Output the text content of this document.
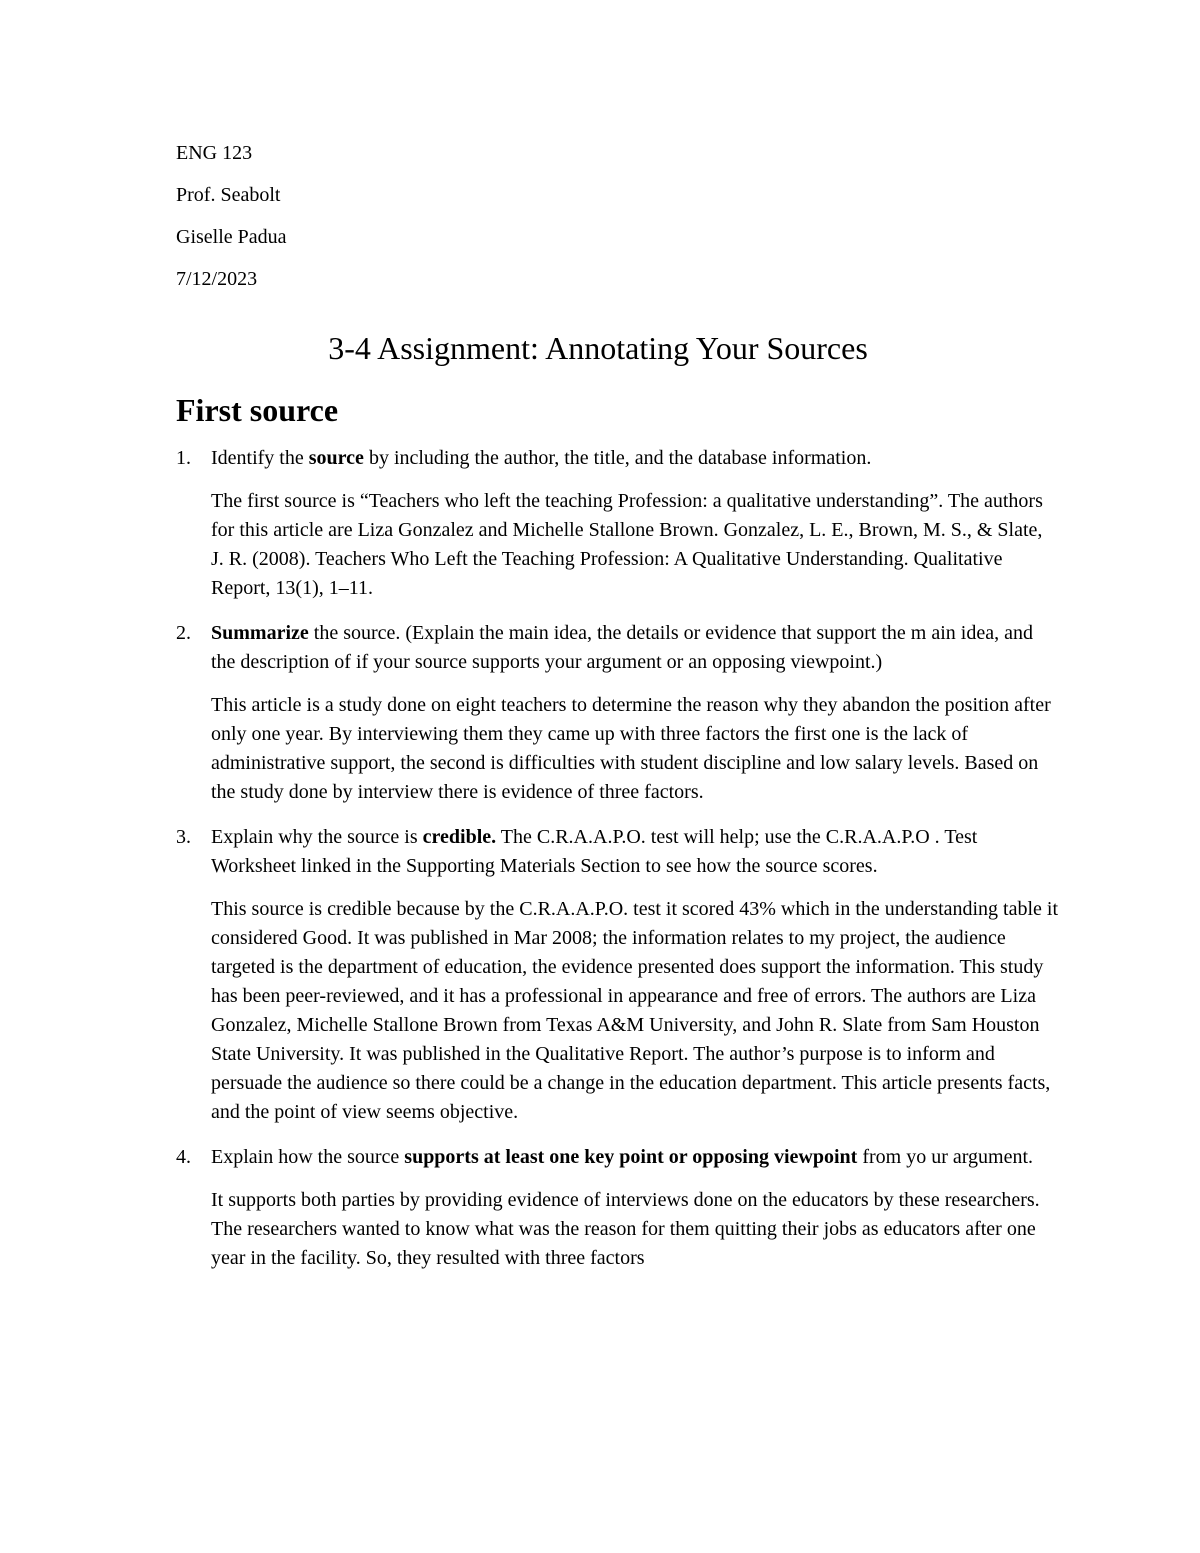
ENG 123
Prof. Seabolt
Giselle Padua
7/12/2023
3-4 Assignment: Annotating Your Sources
First source
1. Identify the source by including the author, the title, and the database information.

The first source is “Teachers who left the teaching Profession: a qualitative understanding”. The authors for this article are Liza Gonzalez and Michelle Stallone Brown. Gonzalez, L. E., Brown, M. S., & Slate, J. R. (2008). Teachers Who Left the Teaching Profession: A Qualitative Understanding. Qualitative Report, 13(1), 1–11.

2. Summarize the source. (Explain the main idea, the details or evidence that support the m ain idea, and the description of if your source supports your argument or an opposing viewpoint.)

This article is a study done on eight teachers to determine the reason why they abandon the position after only one year. By interviewing them they came up with three factors the first one is the lack of administrative support, the second is difficulties with student discipline and low salary levels. Based on the study done by interview there is evidence of three factors.

3. Explain why the source is credible. The C.R.A.A.P.O. test will help; use the C.R.A.A.P.O . Test Worksheet linked in the Supporting Materials Section to see how the source scores.

This source is credible because by the C.R.A.A.P.O. test it scored 43% which in the understanding table it considered Good. It was published in Mar 2008; the information relates to my project, the audience targeted is the department of education, the evidence presented does support the information. This study has been peer-reviewed, and it has a professional in appearance and free of errors. The authors are Liza Gonzalez, Michelle Stallone Brown from Texas A&M University, and John R. Slate from Sam Houston State University. It was published in the Qualitative Report. The author’s purpose is to inform and persuade the audience so there could be a change in the education department. This article presents facts, and the point of view seems objective.

4. Explain how the source supports at least one key point or opposing viewpoint from yo ur argument.

It supports both parties by providing evidence of interviews done on the educators by these researchers. The researchers wanted to know what was the reason for them quitting their jobs as educators after one year in the facility. So, they resulted with three factors
